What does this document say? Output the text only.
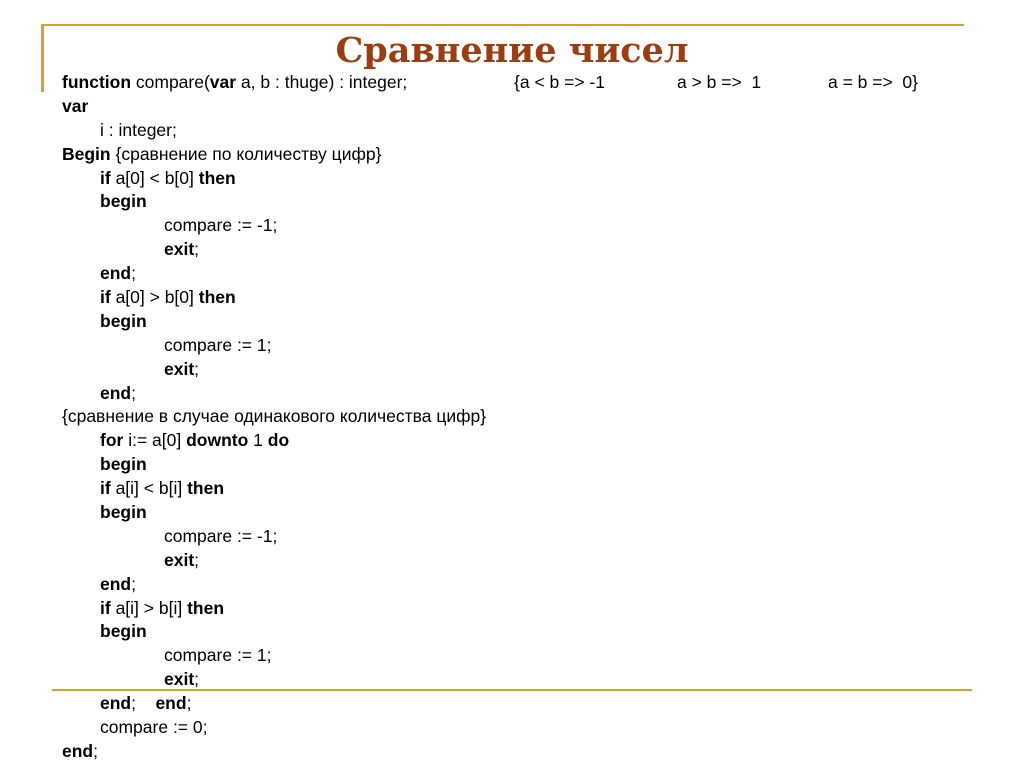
Сравнение чисел
function compare(var a, b : thuge) : integer;	{a < b => -1	a > b =>  1	a = b =>  0}
var
i : integer;
Begin {сравнение по количеству цифр}
if a[0] < b[0] then
begin
compare := -1;
exit;
end;
if a[0] > b[0] then
begin
compare := 1;
exit;
end;
{сравнение в случае одинакового количества цифр}
for i:= a[0] downto 1 do
begin
if a[i] < b[i] then
begin
compare := -1;
exit;
end;
if a[i] > b[i] then
begin
compare := 1;
exit;
end;    end;
compare := 0;
end;
